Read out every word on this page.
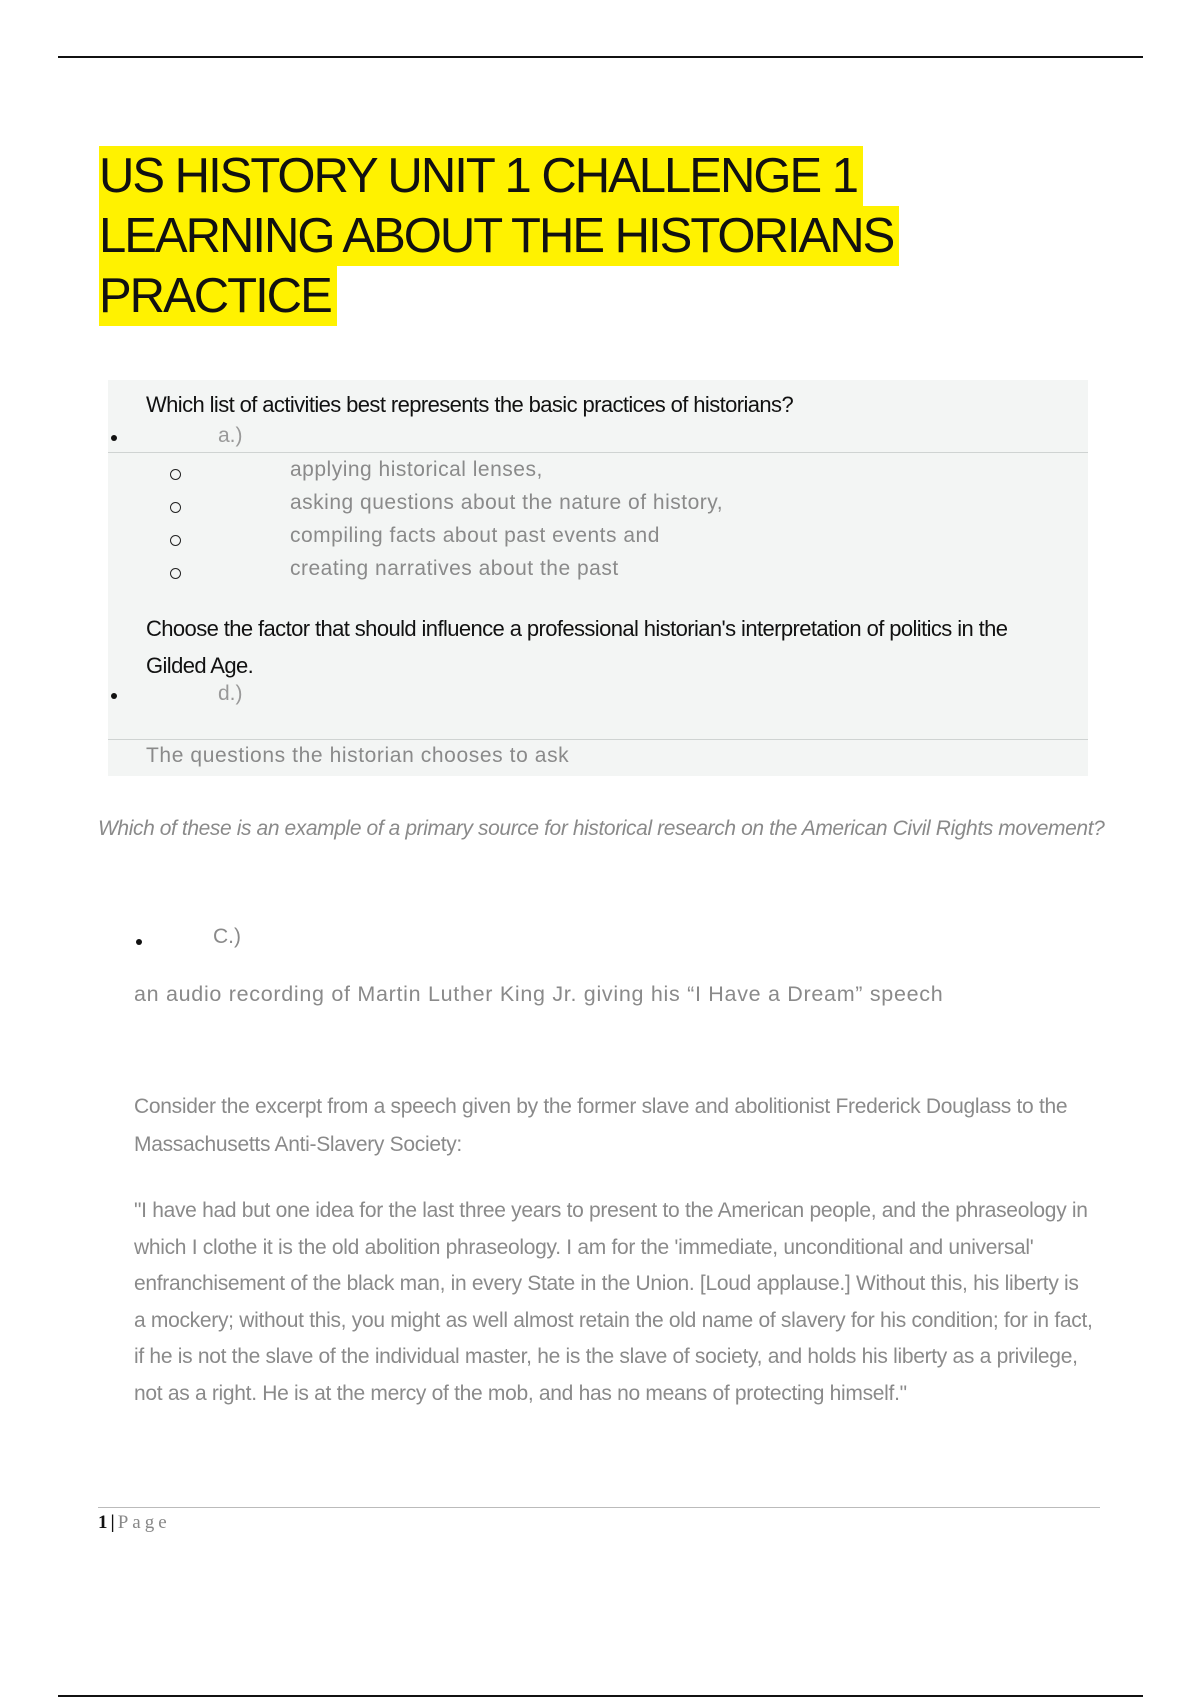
US HISTORY UNIT 1 CHALLENGE 1
LEARNING ABOUT THE HISTORIANS
PRACTICE
Which list of activities best represents the basic practices of historians?
a.)
applying historical lenses,
asking questions about the nature of history,
compiling facts about past events and
creating narratives about the past
Choose the factor that should influence a professional historian's interpretation of politics in the Gilded Age.
d.)
The questions the historian chooses to ask
Which of these is an example of a primary source for historical research on the American Civil Rights movement?
C.)
an audio recording of Martin Luther King Jr. giving his “I Have a Dream” speech
Consider the excerpt from a speech given by the former slave and abolitionist Frederick Douglass to the Massachusetts Anti-Slavery Society:
"I have had but one idea for the last three years to present to the American people, and the phraseology in which I clothe it is the old abolition phraseology. I am for the 'immediate, unconditional and universal' enfranchisement of the black man, in every State in the Union. [Loud applause.] Without this, his liberty is a mockery; without this, you might as well almost retain the old name of slavery for his condition; for in fact, if he is not the slave of the individual master, he is the slave of society, and holds his liberty as a privilege, not as a right. He is at the mercy of the mob, and has no means of protecting himself."
1 | Page
